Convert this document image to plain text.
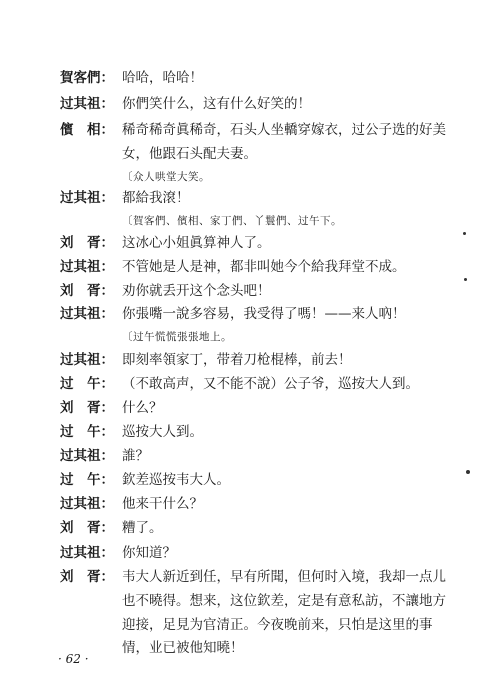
賀客們： 哈哈，哈哈！
过其祖： 你們笑什么，这有什么好笑的！
儐　相： 稀奇稀奇眞稀奇，石头人坐轎穿嫁衣，过公子选的好美
女，他跟石头配夫妻。
〔众人哄堂大笑。
过其祖： 都給我滾！
〔賀客們、儐相、家丁們、丫鬟們、过午下。
刘　胥： 这冰心小姐眞算神人了。
过其祖： 不管她是人是神，都非叫她今个給我拜堂不成。
刘　胥： 劝你就丢开这个念头吧！
过其祖： 你張嘴一說多容易，我受得了嗎！——来人吶！
〔过午慌慌張張地上。
过其祖： 即刻率領家丁，带着刀枪棍棒，前去！
过　午： （不敢高声，又不能不說）公子爷，巡按大人到。
刘　胥： 什么？
过　午： 巡按大人到。
过其祖： 誰？
过　午： 欽差巡按韦大人。
过其祖： 他来干什么？
刘　胥： 糟了。
过其祖： 你知道？
刘　胥： 韦大人新近到任，早有所聞，但何时入境，我却一点儿
也不曉得。想来，这位欽差，定是有意私訪，不讓地方
迎接，足見为官清正。今夜晚前来，只怕是这里的事
情，业已被他知曉！
· 62 ·
